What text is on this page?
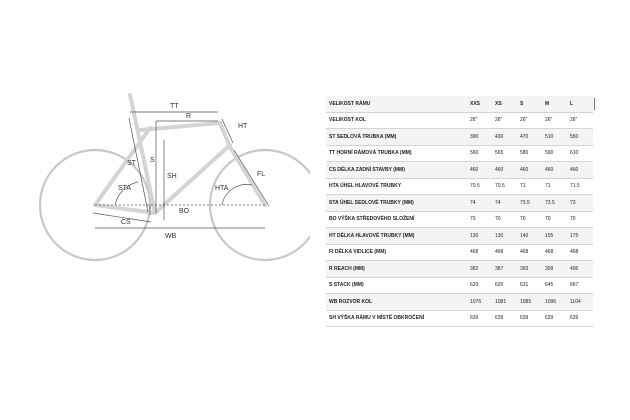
TT
R
HT
ST S
SH
STA	HTA
FL
CS
BO
WB
VELIKOST RÁMU	XXS	XS	S	M	L
VELIKOST KOL	26"	26"	26"	26"	26"
ST SEDLOVÁ TRUBKA (MM)	390	430	470	510	550
TT HORNÍ RÁMOVÁ TRUBKA (MM)	560	565	580	590	610
CS DÉLKA ZADNÍ STAVBY (MM)	460	460	460	460	460
HTA ÚHEL HLAVOVÉ TRUBKY	70.5	70.5	71	71	71.5
STA ÚHEL SEDLOVÉ TRUBKY (MM)	74	74	73.5	73.5	73
BO VÝŠKA STŘEDOVÉHO SLOŽENÍ	70	70	70	70	70
HT DÉLKA HLAVOVÉ TRUBKY (MM)	130	130	140	155	175
FI DÉLKA VIDLICE (MM)	468	468	468	468	468
R REACH (MM)	382	387	393	399	406
S STACK (MM)	620	620	631	645	667
WB ROZVOR KOL	1076	1081	1085	1096	1104
SH VÝŠKA RÁMU V MÍSTĚ OBKROČENÍ	639	639	639	639	639
